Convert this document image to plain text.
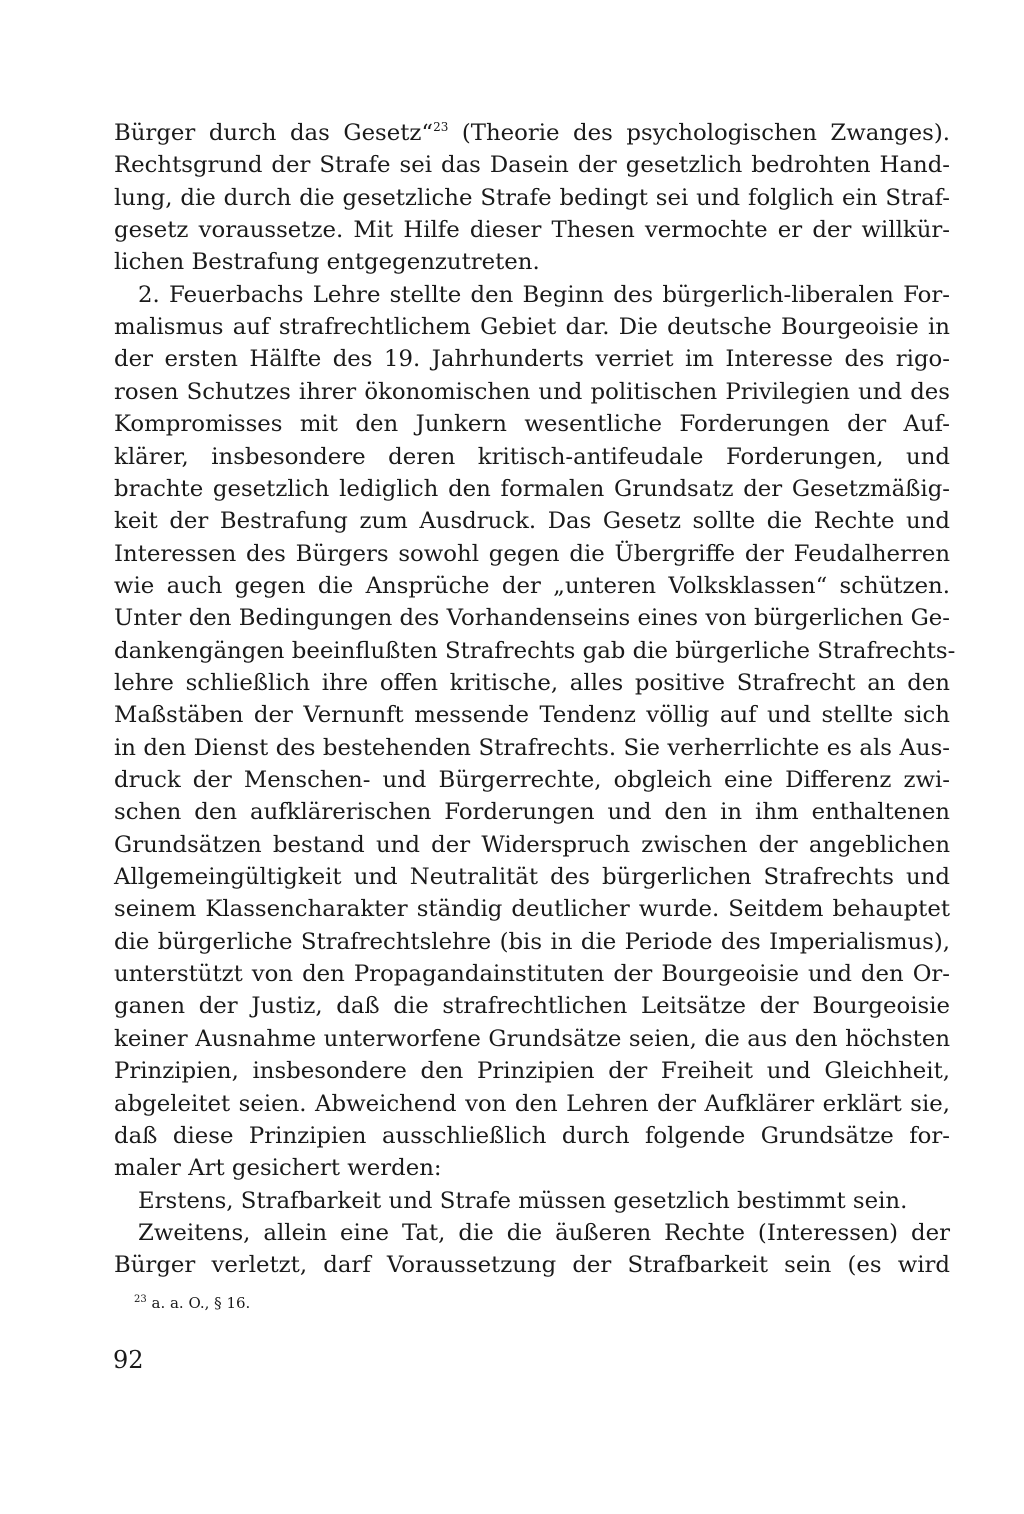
Bürger durch das Gesetz“$^{23}$ (Theorie des psychologischen Zwanges).
Rechtsgrund der Strafe sei das Dasein der gesetzlich bedrohten Hand-
lung, die durch die gesetzliche Strafe bedingt sei und folglich ein Straf-
gesetz voraussetze. Mit Hilfe dieser Thesen vermochte er der willkür-
lichen Bestrafung entgegenzutreten.
2. Feuerbachs Lehre stellte den Beginn des bürgerlich-liberalen For-
malismus auf strafrechtlichem Gebiet dar. Die deutsche Bourgeoisie in
der ersten Hälfte des 19. Jahrhunderts verriet im Interesse des rigo-
rosen Schutzes ihrer ökonomischen und politischen Privilegien und des
Kompromisses mit den Junkern wesentliche Forderungen der Auf-
klärer, insbesondere deren kritisch-antifeudale Forderungen, und
brachte gesetzlich lediglich den formalen Grundsatz der Gesetzmäßig-
keit der Bestrafung zum Ausdruck. Das Gesetz sollte die Rechte und
Interessen des Bürgers sowohl gegen die Übergriffe der Feudalherren
wie auch gegen die Ansprüche der „unteren Volksklassen“ schützen.
Unter den Bedingungen des Vorhandenseins eines von bürgerlichen Ge-
dankengängen beeinflußten Strafrechts gab die bürgerliche Strafrechts-
lehre schließlich ihre offen kritische, alles positive Strafrecht an den
Maßstäben der Vernunft messende Tendenz völlig auf und stellte sich
in den Dienst des bestehenden Strafrechts. Sie verherrlichte es als Aus-
druck der Menschen- und Bürgerrechte, obgleich eine Differenz zwi-
schen den aufklärerischen Forderungen und den in ihm enthaltenen
Grundsätzen bestand und der Widerspruch zwischen der angeblichen
Allgemeingültigkeit und Neutralität des bürgerlichen Strafrechts und
seinem Klassencharakter ständig deutlicher wurde. Seitdem behauptet
die bürgerliche Strafrechtslehre (bis in die Periode des Imperialismus),
unterstützt von den Propagandainstituten der Bourgeoisie und den Or-
ganen der Justiz, daß die strafrechtlichen Leitsätze der Bourgeoisie
keiner Ausnahme unterworfene Grundsätze seien, die aus den höchsten
Prinzipien, insbesondere den Prinzipien der Freiheit und Gleichheit,
abgeleitet seien. Abweichend von den Lehren der Aufklärer erklärt sie,
daß diese Prinzipien ausschließlich durch folgende Grundsätze for-
maler Art gesichert werden:
Erstens, Strafbarkeit und Strafe müssen gesetzlich bestimmt sein.
Zweitens, allein eine Tat, die die äußeren Rechte (Interessen) der
Bürger verletzt, darf Voraussetzung der Strafbarkeit sein (es wird
$^{23}$ a. a. O., § 16.
92
